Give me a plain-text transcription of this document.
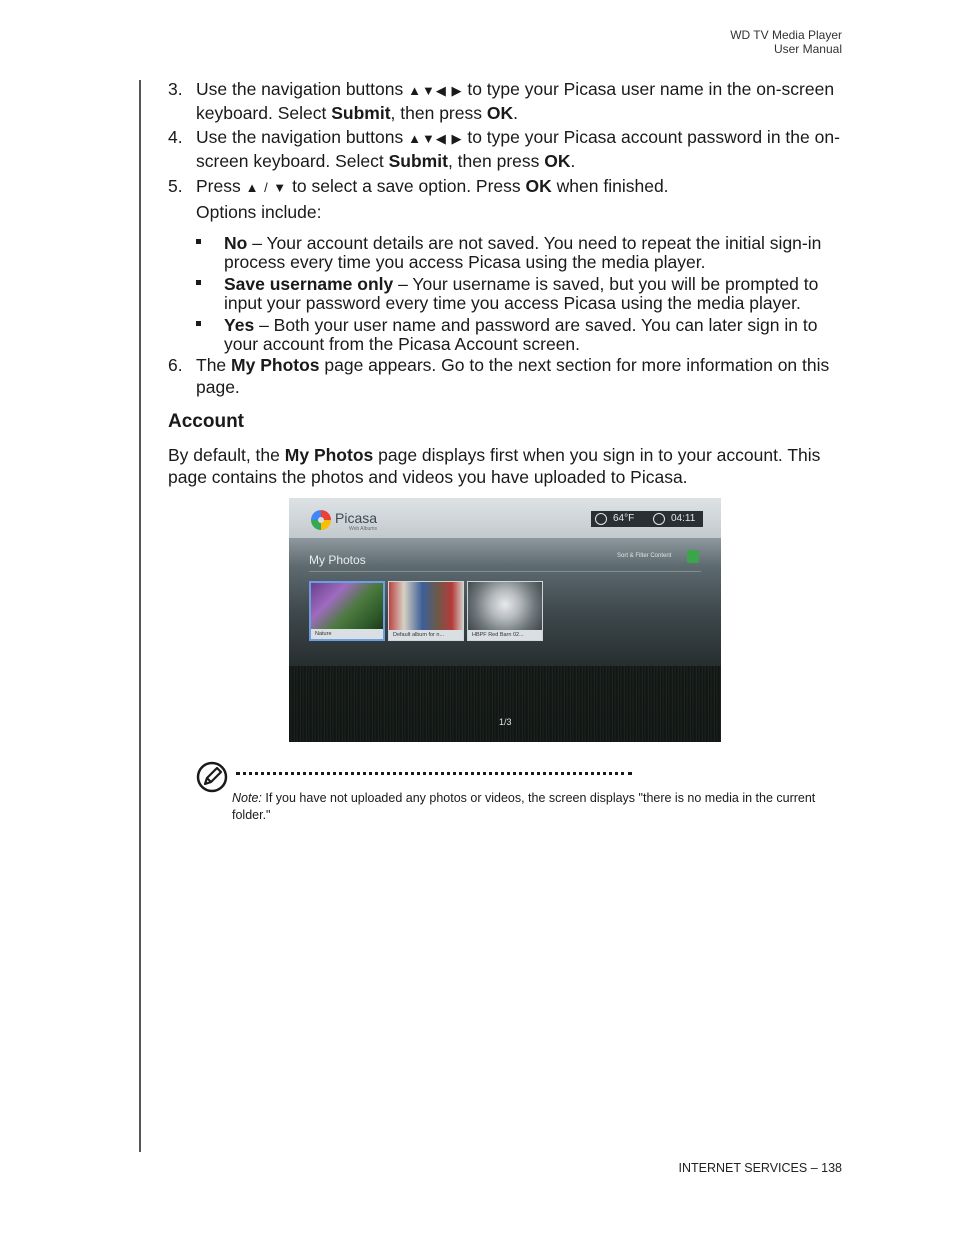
WD TV Media Player
User Manual
3. Use the navigation buttons ▲▼◀ ▶ to type your Picasa user name in the on-screen keyboard. Select Submit, then press OK.
4. Use the navigation buttons ▲▼◀ ▶ to type your Picasa account password in the on-screen keyboard. Select Submit, then press OK.
5. Press ▲ / ▼ to select a save option. Press OK when finished.
Options include:
No – Your account details are not saved. You need to repeat the initial sign-in process every time you access Picasa using the media player.
Save username only – Your username is saved, but you will be prompted to input your password every time you access Picasa using the media player.
Yes – Both your user name and password are saved. You can later sign in to your account from the Picasa Account screen.
6. The My Photos page appears. Go to the next section for more information on this page.
Account
By default, the My Photos page displays first when you sign in to your account. This page contains the photos and videos you have uploaded to Picasa.
Picasa
Web Albums
64°F	04:11
My Photos	Sort & Filter Content
Nature	Default album for n...	HBPF Red Barn 02...
1/3
Note: If you have not uploaded any photos or videos, the screen displays "there is no media in the current folder."
INTERNET SERVICES – 138
